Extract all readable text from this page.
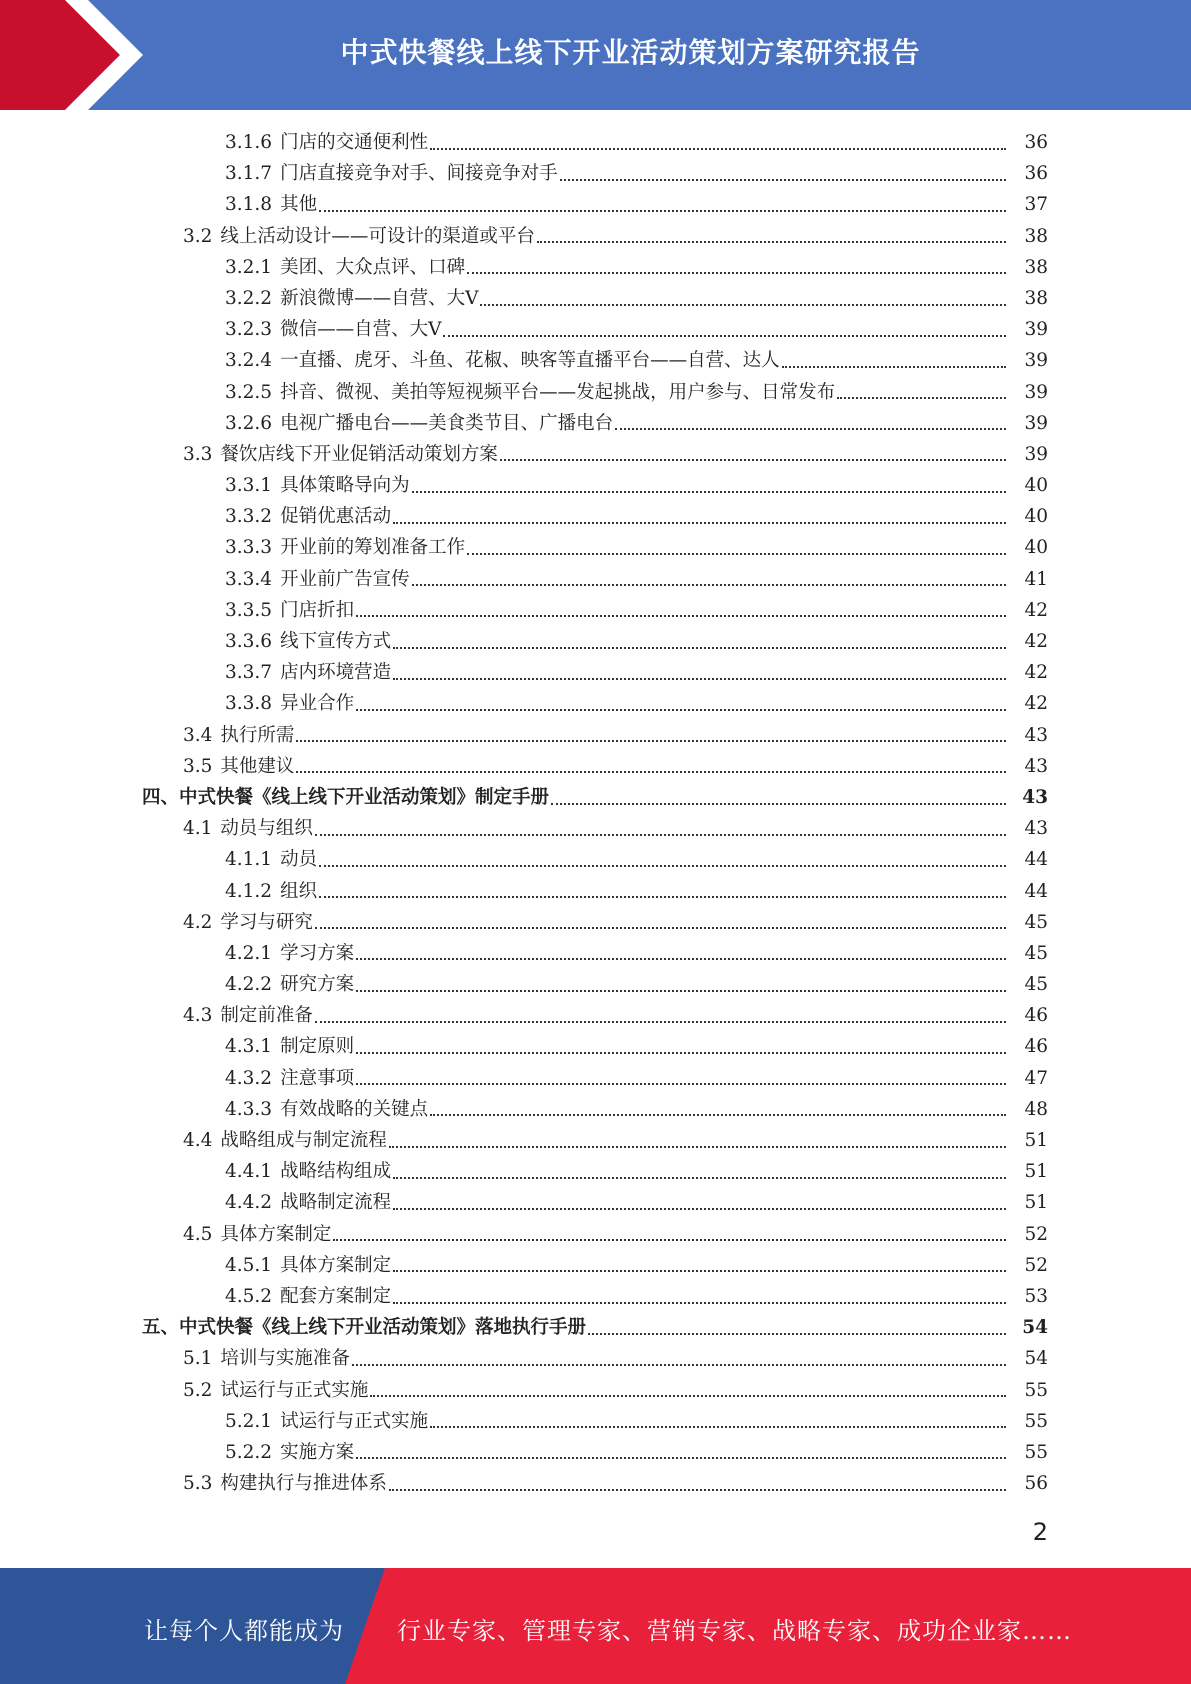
中式快餐线上线下开业活动策划方案研究报告
3.1.6 门店的交通便利性	36
3.1.7 门店直接竞争对手、间接竞争对手	36
3.1.8 其他	37
3.2 线上活动设计——可设计的渠道或平台	38
3.2.1 美团、大众点评、口碑	38
3.2.2 新浪微博——自营、大V	38
3.2.3 微信——自营、大V	39
3.2.4 一直播、虎牙、斗鱼、花椒、映客等直播平台——自营、达人	39
3.2.5 抖音、微视、美拍等短视频平台——发起挑战，用户参与、日常发布	39
3.2.6 电视广播电台——美食类节目、广播电台	39
3.3 餐饮店线下开业促销活动策划方案	39
3.3.1 具体策略导向为	40
3.3.2 促销优惠活动	40
3.3.3 开业前的筹划准备工作	40
3.3.4 开业前广告宣传	41
3.3.5 门店折扣	42
3.3.6 线下宣传方式	42
3.3.7 店内环境营造	42
3.3.8 异业合作	42
3.4 执行所需	43
3.5 其他建议	43
四、中式快餐《线上线下开业活动策划》制定手册	43
4.1 动员与组织	43
4.1.1 动员	44
4.1.2 组织	44
4.2 学习与研究	45
4.2.1 学习方案	45
4.2.2 研究方案	45
4.3 制定前准备	46
4.3.1 制定原则	46
4.3.2 注意事项	47
4.3.3 有效战略的关键点	48
4.4 战略组成与制定流程	51
4.4.1 战略结构组成	51
4.4.2 战略制定流程	51
4.5 具体方案制定	52
4.5.1 具体方案制定	52
4.5.2 配套方案制定	53
五、中式快餐《线上线下开业活动策划》落地执行手册	54
5.1 培训与实施准备	54
5.2 试运行与正式实施	55
5.2.1 试运行与正式实施	55
5.2.2 实施方案	55
5.3 构建执行与推进体系	56
2
让每个人都能成为 行业专家、管理专家、营销专家、战略专家、成功企业家……
